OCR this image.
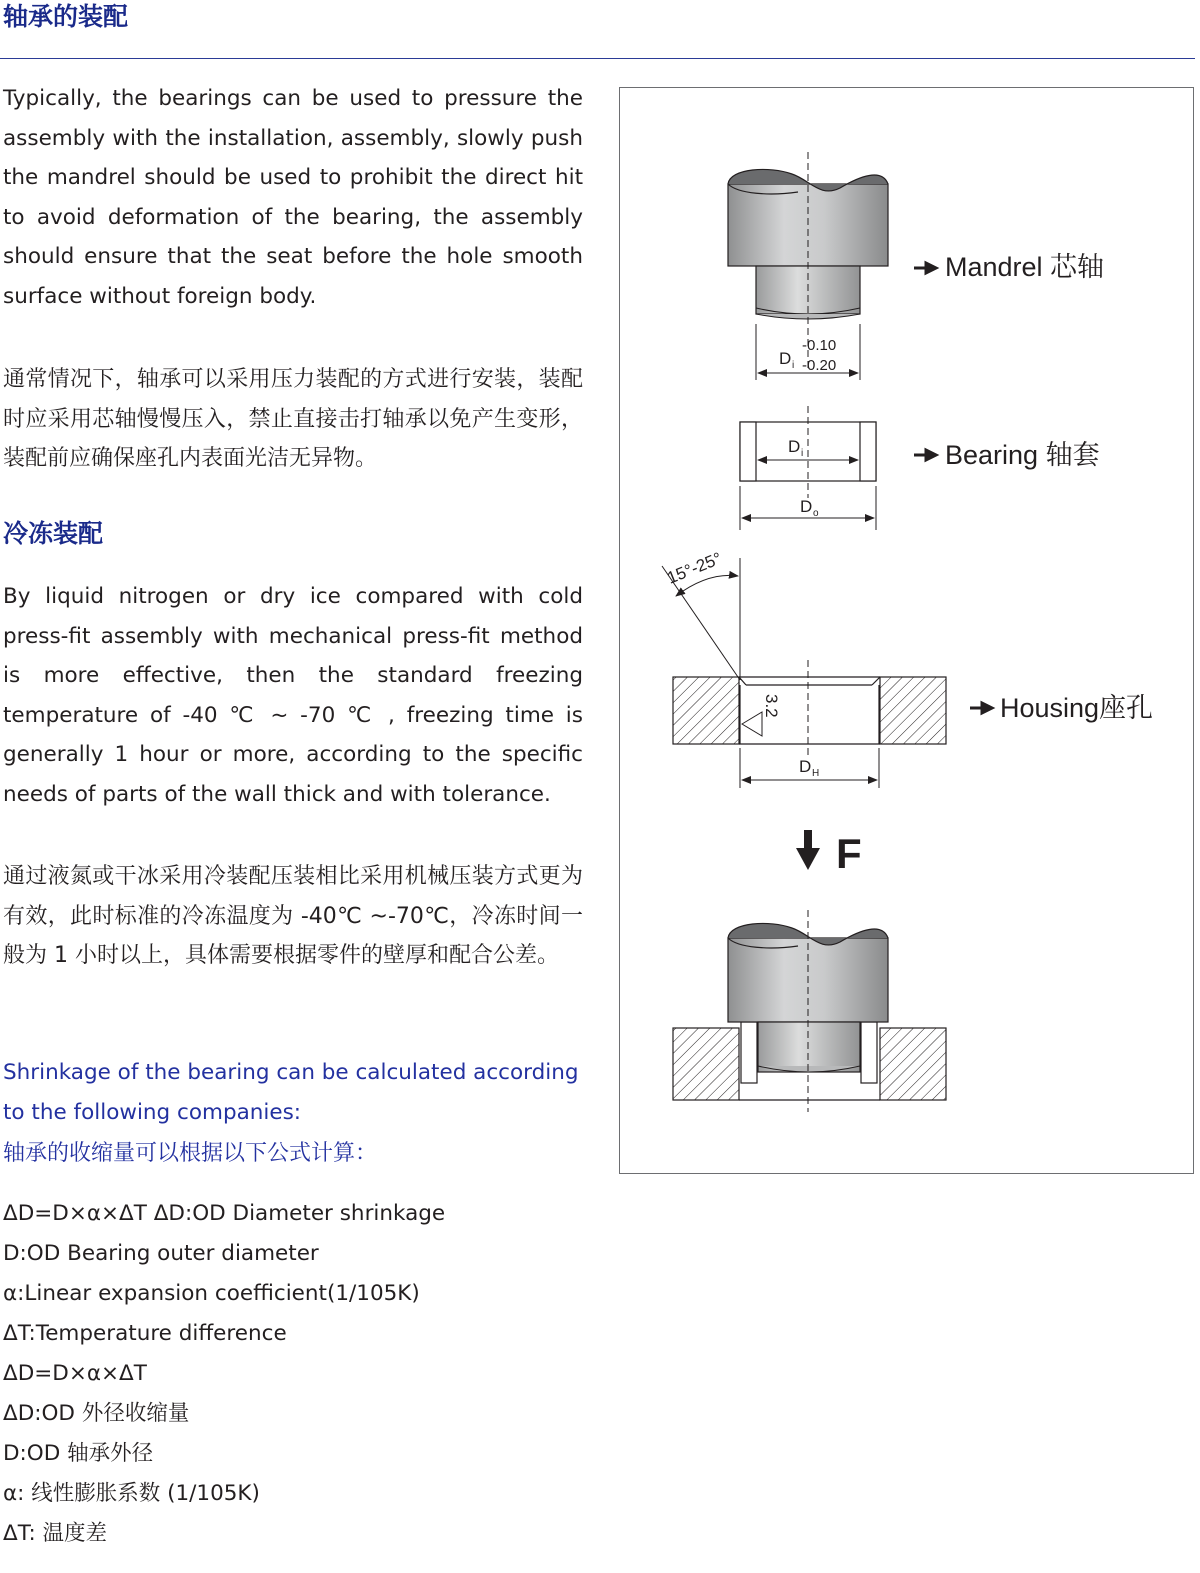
轴承的装配

Typically, the bearings can be used to pressure the assembly with the installation, assembly, slowly push the mandrel should be used to prohibit the direct hit to avoid deformation of the bearing, the assembly should ensure that the seat before the hole smooth surface without foreign body.

通常情况下，轴承可以采用压力装配的方式进行安装，装配时应采用芯轴慢慢压入，禁止直接击打轴承以免产生变形，装配前应确保座孔内表面光洁无异物。

冷冻装配

By liquid nitrogen or dry ice compared with cold press-fit assembly with mechanical press-fit method is more effective, then the standard freezing temperature of -40 ℃ ~ -70 ℃ , freezing time is generally 1 hour or more, according to the specific needs of parts of the wall thick and with tolerance.

通过液氮或干冰采用冷装配压装相比采用机械压装方式更为有效，此时标准的冷冻温度为 -40℃ ~-70℃，冷冻时间一般为 1 小时以上，具体需要根据零件的壁厚和配合公差。

Shrinkage of the bearing can be calculated according to the following companies:

轴承的收缩量可以根据以下公式计算：

ΔD=D×α×ΔT ΔD:OD Diameter shrinkage

D:OD Bearing outer diameter

α:Linear expansion coefficient(1/105K)

ΔT:Temperature difference

ΔD=D×α×ΔT

ΔD:OD 外径收缩量

D:OD 轴承外径

α: 线性膨胀系数 (1/105K)

ΔT: 温度差

D i
-0.10
-0.20
Mandrel 芯轴
D i
D o
Bearing 轴套
15°-25°
3.2
D H
Housing座孔
F
